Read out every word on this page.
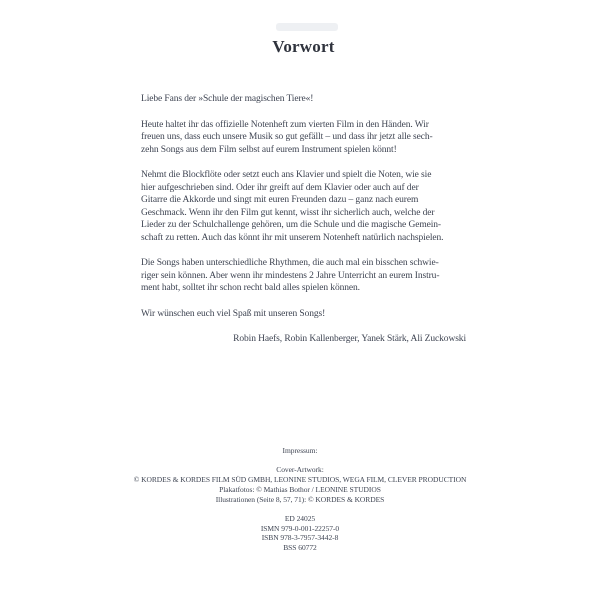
Vorwort

Liebe Fans der »Schule der magischen Tiere«!

Heute haltet ihr das offizielle Notenheft zum vierten Film in den Händen. Wir
freuen uns, dass euch unsere Musik so gut gefällt – und dass ihr jetzt alle sech-
zehn Songs aus dem Film selbst auf eurem Instrument spielen könnt!

Nehmt die Blockflöte oder setzt euch ans Klavier und spielt die Noten, wie sie
hier aufgeschrieben sind. Oder ihr greift auf dem Klavier oder auch auf der
Gitarre die Akkorde und singt mit euren Freunden dazu – ganz nach eurem
Geschmack. Wenn ihr den Film gut kennt, wisst ihr sicherlich auch, welche der
Lieder zu der Schulchallenge gehören, um die Schule und die magische Gemein-
schaft zu retten. Auch das könnt ihr mit unserem Notenheft natürlich nachspielen.

Die Songs haben unterschiedliche Rhythmen, die auch mal ein bisschen schwie-
riger sein können. Aber wenn ihr mindestens 2 Jahre Unterricht an eurem Instru-
ment habt, solltet ihr schon recht bald alles spielen können.

Wir wünschen euch viel Spaß mit unseren Songs!

Robin Haefs, Robin Kallenberger, Yanek Stärk, Ali Zuckowski

Impressum:
Cover-Artwork:
© KORDES & KORDES FILM SÜD GMBH, LEONINE STUDIOS, WEGA FILM, CLEVER PRODUCTION
Plakatfotos: © Mathias Bothor / LEONINE STUDIOS
Illustrationen (Seite 8, 57, 71): © KORDES & KORDES
ED 24025
ISMN 979-0-001-22257-0
ISBN 978-3-7957-3442-8
BSS 60772
